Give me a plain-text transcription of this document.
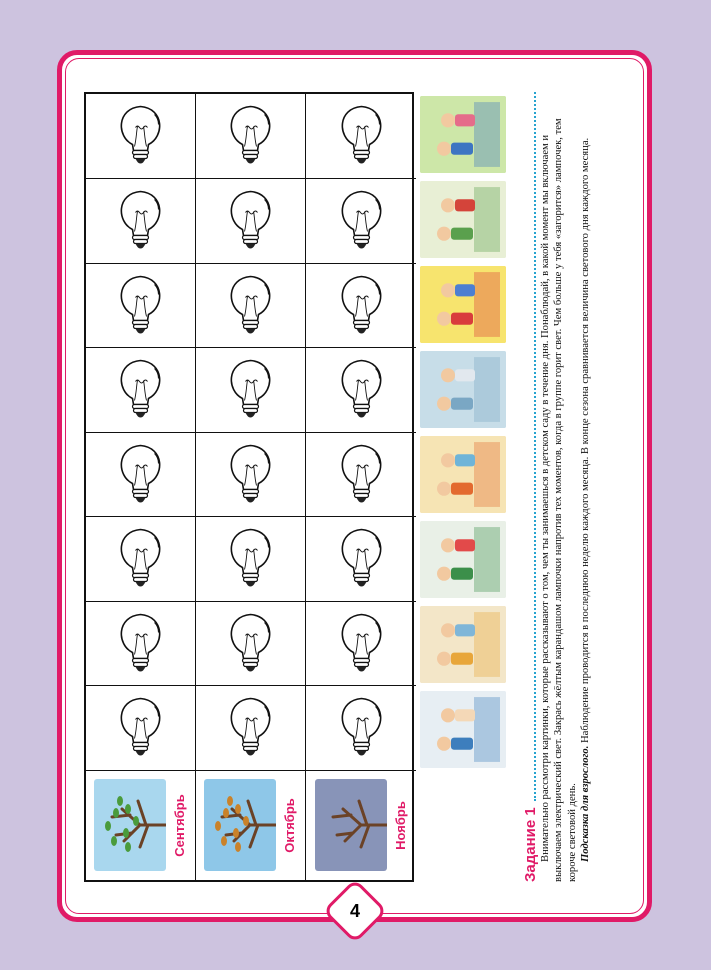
Сентябрь	Октябрь	Ноябрь	Задание 1 Внимательно рассмотри картинки, которые рассказывают о том, чем ты занимаешься в детском саду в течение дня. Понаблюдай, в какой момент мы включаем и выключаем электрический свет. Закрась жёлтым карандашом лампочки напротив тех моментов, когда в группе горит свет. Чем больше у тебя «загорится» лампочек, тем короче световой день. Подсказка для взрослого. Наблюдение проводится в последнюю неделю каждого месяца. В конце сезона сравнивается величина светового дня каждого месяца.

4
